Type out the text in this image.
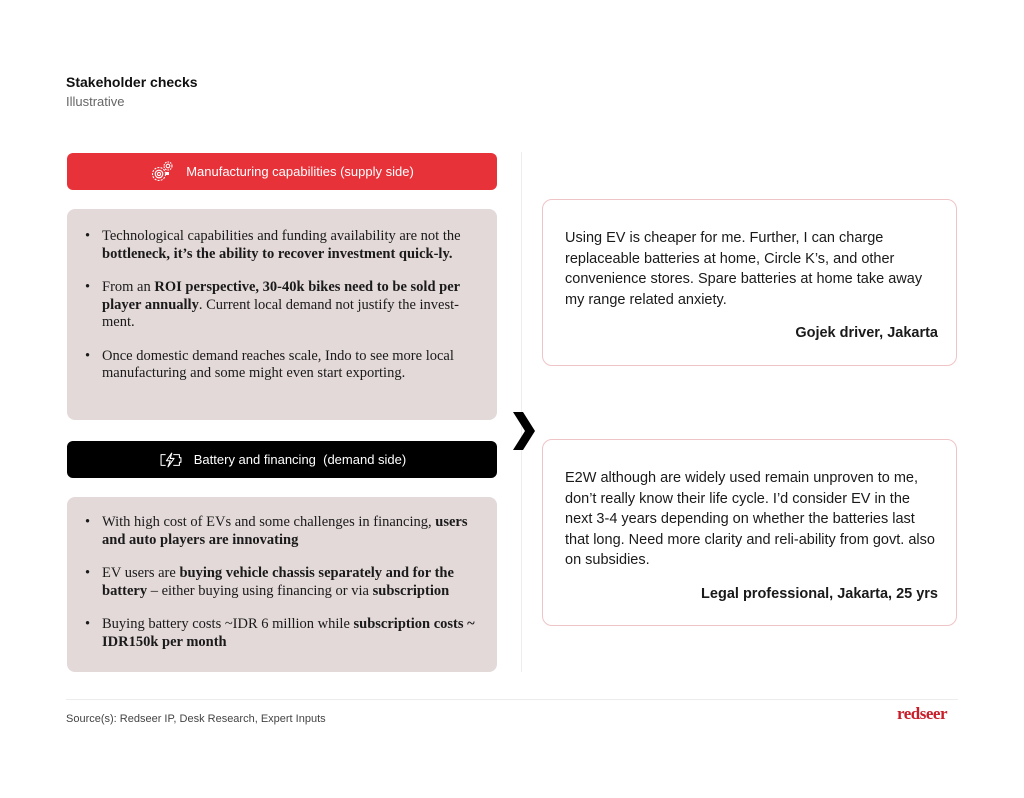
Stakeholder checks
Illustrative
Manufacturing capabilities (supply side)
• Technological capabilities and funding availability are not the bottleneck, it’s the ability to recover investment quick-ly.
• From an ROI perspective, 30-40k bikes need to be sold per player annually. Current local demand not justify the invest-ment.
• Once domestic demand reaches scale, Indo to see more local manufacturing and some might even start exporting.
Battery and financing  (demand side)
• With high cost of EVs and some challenges in financing, users and auto players are innovating
• EV users are buying vehicle chassis separately and for the battery – either buying using financing or via subscription
• Buying battery costs ~IDR 6 million while subscription costs ~ IDR150k per month
Using EV is cheaper for me. Further, I can charge replaceable batteries at home, Circle K’s, and other convenience stores. Spare batteries at home take away my range related anxiety.
Gojek driver, Jakarta
E2W although are widely used remain unproven to me, don’t really know their life cycle. I’d consider EV in the next 3-4 years depending on whether the batteries last that long. Need more clarity and reli-ability from govt. also on subsidies.
Legal professional, Jakarta, 25 yrs
Source(s): Redseer IP, Desk Research, Expert Inputs	redseer
